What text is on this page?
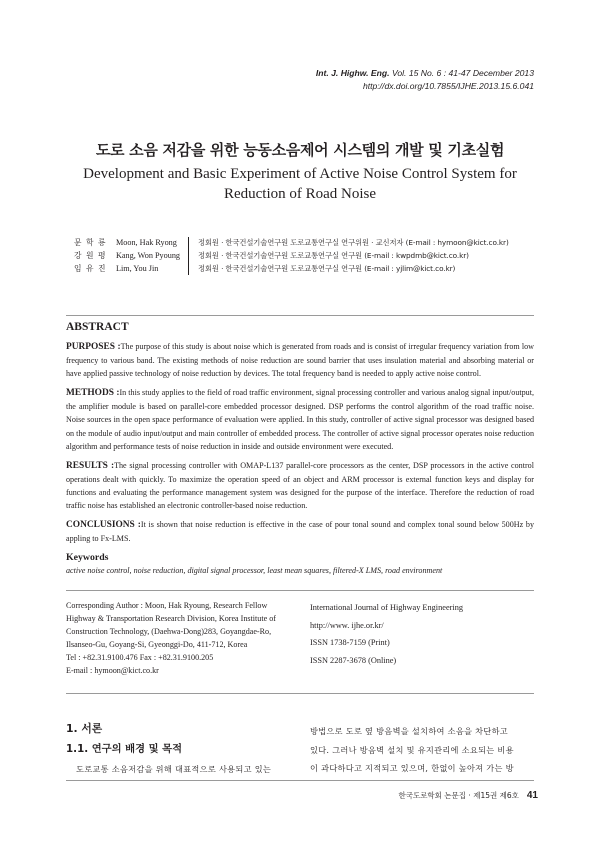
Int. J. Highw. Eng. Vol. 15 No. 6 : 41-47 December 2013
http://dx.doi.org/10.7855/IJHE.2013.15.6.041
도로 소음 저감을 위한 능동소음제어 시스템의 개발 및 기초실험
Development and Basic Experiment of Active Noise Control System for
Reduction of Road Noise
문 학 룡
강 원 평
임 유 진
Moon, Hak Ryong
Kang, Won Pyoung
Lim, You Jin
정회원 · 한국건설기술연구원 도로교통연구실 연구위원 · 교신저자 (E-mail : hymoon@kict.co.kr)
정회원 · 한국건설기술연구원 도로교통연구실 연구원 (E-mail : kwpdmb@kict.co.kr)
정회원 · 한국건설기술연구원 도로교통연구실 연구원 (E-mail : yjlim@kict.co.kr)
ABSTRACT

PURPOSES :The purpose of this study is about noise which is generated from roads and is consist of irregular frequency variation from low frequency to various band. The existing methods of noise reduction are sound barrier that uses insulation material and absorbing material or have applied passive technology of noise reduction by devices. The total frequency band is needed to apply active noise control.

METHODS :In this study applies to the field of road traffic environment, signal processing controller and various analog signal input/output, the amplifier module is based on parallel-core embedded processor designed. DSP performs the control algorithm of the road traffic noise. Noise sources in the open space performance of evaluation were applied. In this study, controller of active signal processor was designed based on the module of audio input/output and main controller of embedded process. The controller of active signal processor operates noise reduction algorithm and performance tests of noise reduction in inside and outside environment were executed.

RESULTS :The signal processing controller with OMAP-L137 parallel-core processors as the center, DSP processors in the active control operations dealt with quickly. To maximize the operation speed of an object and ARM processor is external function keys and display for functions and evaluating the performance management system was designed for the purpose of the interface. Therefore the reduction of road traffic noise has established an electronic controller-based noise reduction.

CONCLUSIONS :It is shown that noise reduction is effective in the case of pour tonal sound and complex tonal sound below 500Hz by appling to Fx-LMS.

Keywords
active noise control, noise reduction, digital signal processor, least mean squares, filtered-X LMS, road environment
Corresponding Author : Moon, Hak Ryoung, Research Fellow
Highway & Transportation Research Division, Korea Institute of
Construction Technology, (Daehwa-Dong)283, Goyangdae-Ro,
Ilsanseo-Gu, Goyang-Si, Gyeonggi-Do, 411-712, Korea
Tel : +82.31.9100.476 Fax : +82.31.9100.205
E-mail : hymoon@kict.co.kr
International Journal of Highway Engineering
http://www. ijhe.or.kr/
ISSN 1738-7159 (Print)
ISSN 2287-3678 (Online)
1. 서론
1.1. 연구의 배경 및 목적
도로교통 소음저감을 위해 대표적으로 사용되고 있는
방법으로 도로 옆 방음벽을 설치하여 소음을 차단하고
있다. 그러나 방음벽 설치 및 유지관리에 소요되는 비용
이 과다하다고 지적되고 있으며, 한없이 높아져 가는 방
한국도로학회 논문집 · 제15권 제6호 41
